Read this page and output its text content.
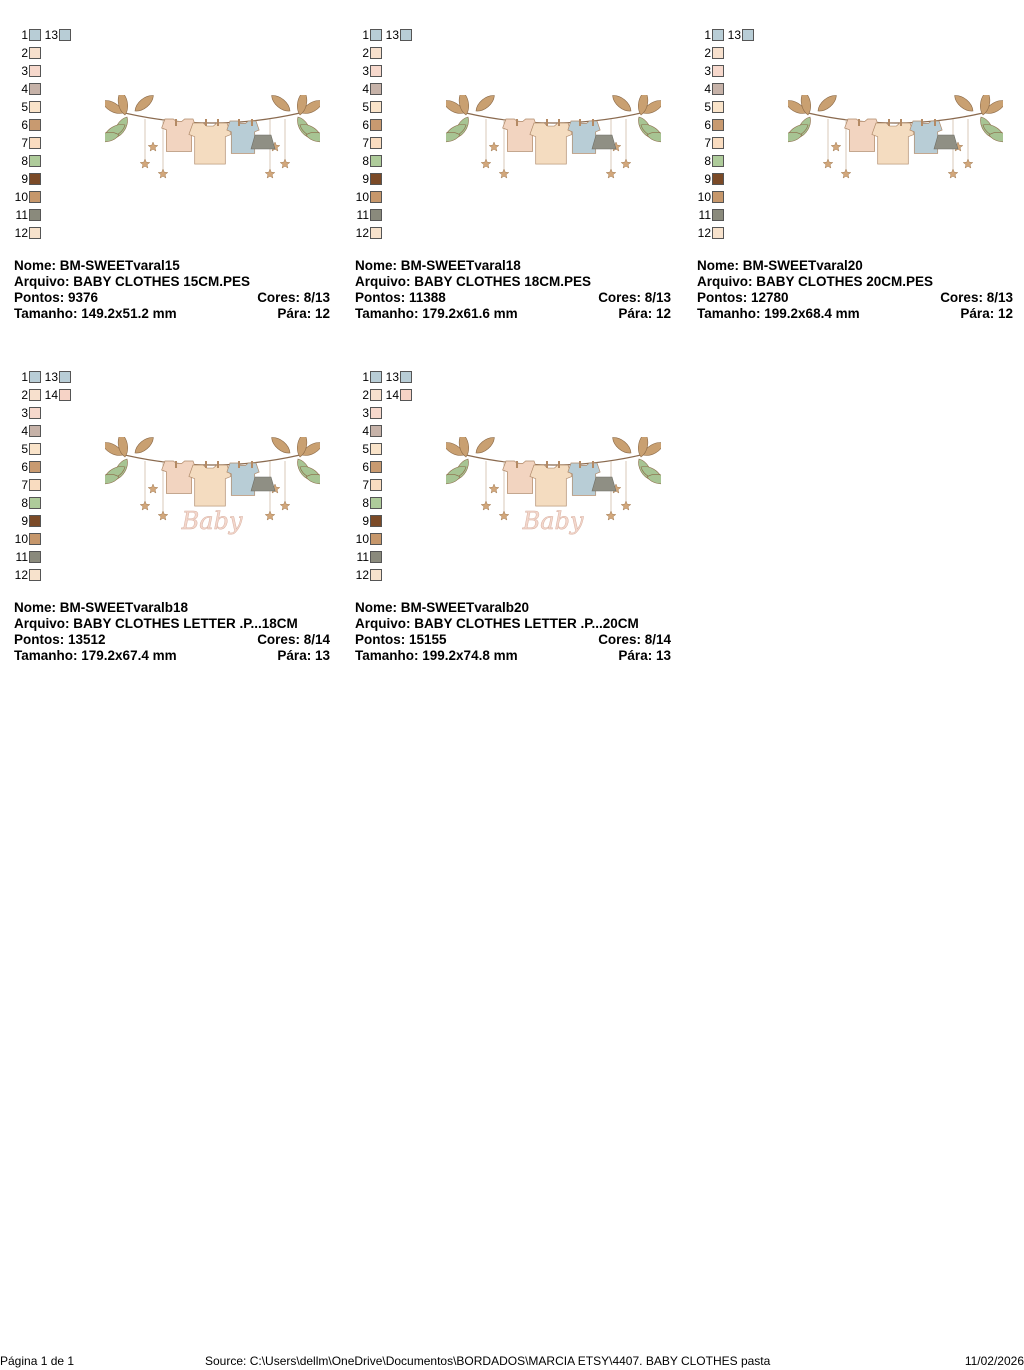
1
2
3
4
5
6
7
8
9
10
11
12
13
Nome: BM-SWEETvaral15
Arquivo: BABY CLOTHES 15CM.PES
Pontos: 9376	Cores: 8/13
Tamanho: 149.2x51.2 mm	Pára: 12
1
2
3
4
5
6
7
8
9
10
11
12
13
Nome: BM-SWEETvaral18
Arquivo: BABY CLOTHES 18CM.PES
Pontos: 11388	Cores: 8/13
Tamanho: 179.2x61.6 mm	Pára: 12
1
2
3
4
5
6
7
8
9
10
11
12
13
Nome: BM-SWEETvaral20
Arquivo: BABY CLOTHES 20CM.PES
Pontos: 12780	Cores: 8/13
Tamanho: 199.2x68.4 mm	Pára: 12
1
2
3
4
5
6
7
8
9
10
11
12
13
14
Baby
Nome: BM-SWEETvaralb18
Arquivo: BABY CLOTHES LETTER .P...18CM
Pontos: 13512	Cores: 8/14
Tamanho: 179.2x67.4 mm	Pára: 13
1
2
3
4
5
6
7
8
9
10
11
12
13
14
Baby
Nome: BM-SWEETvaralb20
Arquivo: BABY CLOTHES LETTER .P...20CM
Pontos: 15155	Cores: 8/14
Tamanho: 199.2x74.8 mm	Pára: 13
Página 1 de 1	Source: C:\Users\dellm\OneDrive\Documentos\BORDADOS\MARCIA ETSY\4407. BABY CLOTHES pasta	11/02/2026
